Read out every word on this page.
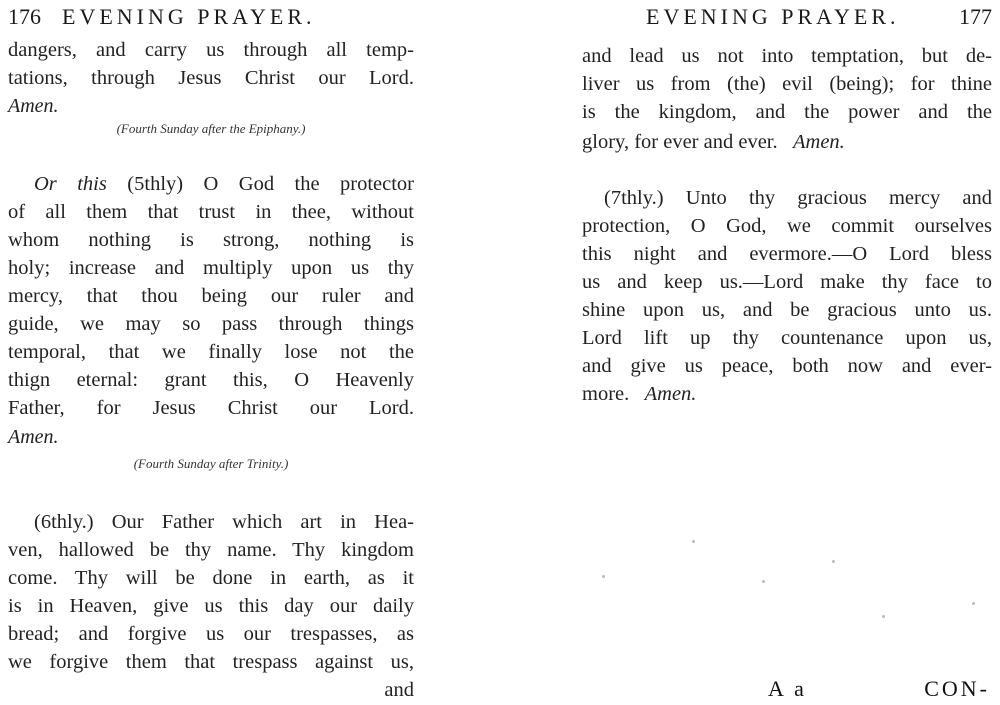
176 EVENING PRAYER.
dangers, and carry us through all temp-
tations, through Jesus Christ our Lord.
Amen.
(Fourth Sunday after the Epiphany.)
Or this (5thly) O God the protector
of all them that trust in thee, without
whom nothing is strong, nothing is
holy; increase and multiply upon us thy
mercy, that thou being our ruler and
guide, we may so pass through things
temporal, that we finally lose not the
thign eternal: grant this, O Heavenly
Father, for Jesus Christ our Lord.
Amen.
(Fourth Sunday after Trinity.)
(6thly.) Our Father which art in Hea-
ven, hallowed be thy name. Thy kingdom
come. Thy will be done in earth, as it
is in Heaven, give us this day our daily
bread; and forgive us our trespasses, as
we forgive them that trespass against us,
and
EVENING PRAYER.	177
and lead us not into temptation, but de-
liver us from (the) evil (being); for thine
is the kingdom, and the power and the
glory, for ever and ever. Amen.
(7thly.) Unto thy gracious mercy and
protection, O God, we commit ourselves
this night and evermore.—O Lord bless
us and keep us.—Lord make thy face to
shine upon us, and be gracious unto us.
Lord lift up thy countenance upon us,
and give us peace, both now and ever-
more. Amen.
A a	CON-
